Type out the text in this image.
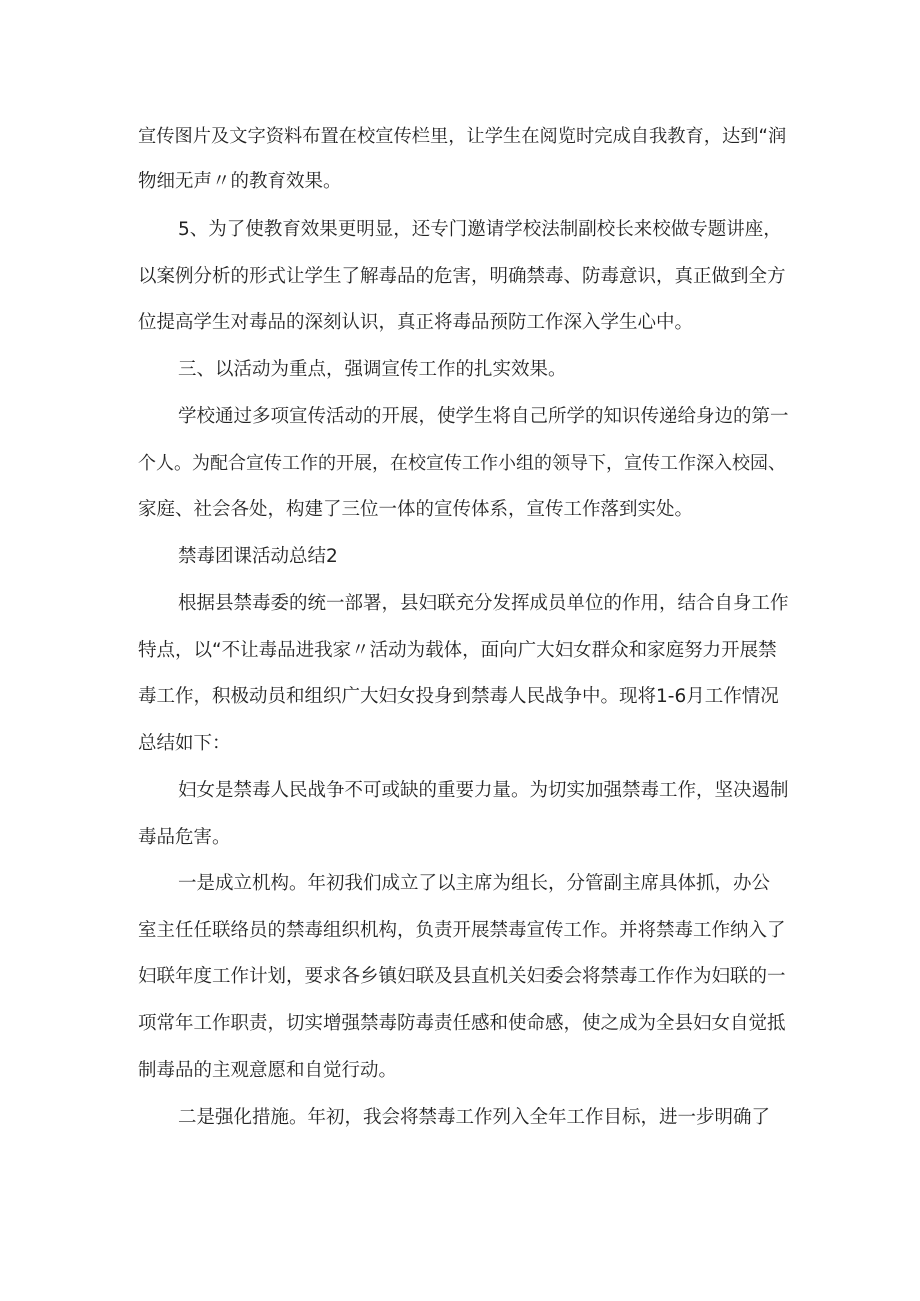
宣传图片及文字资料布置在校宣传栏里，让学生在阅览时完成自我教育，达到“润

物细无声〃的教育效果。

5、为了使教育效果更明显，还专门邀请学校法制副校长来校做专题讲座，

以案例分析的形式让学生了解毒品的危害，明确禁毒、防毒意识，真正做到全方

位提高学生对毒品的深刻认识，真正将毒品预防工作深入学生心中。

三、以活动为重点，强调宣传工作的扎实效果。

学校通过多项宣传活动的开展，使学生将自己所学的知识传递给身边的第一

个人。为配合宣传工作的开展，在校宣传工作小组的领导下，宣传工作深入校园、

家庭、社会各处，构建了三位一体的宣传体系，宣传工作落到实处。

禁毒团课活动总结2

根据县禁毒委的统一部署，县妇联充分发挥成员单位的作用，结合自身工作

特点，以“不让毒品进我家〃活动为载体，面向广大妇女群众和家庭努力开展禁

毒工作，积极动员和组织广大妇女投身到禁毒人民战争中。现将1-6月工作情况

总结如下：

妇女是禁毒人民战争不可或缺的重要力量。为切实加强禁毒工作，坚决遏制

毒品危害。

一是成立机构。年初我们成立了以主席为组长，分管副主席具体抓，办公

室主任任联络员的禁毒组织机构，负责开展禁毒宣传工作。并将禁毒工作纳入了

妇联年度工作计划，要求各乡镇妇联及县直机关妇委会将禁毒工作作为妇联的一

项常年工作职责，切实增强禁毒防毒责任感和使命感，使之成为全县妇女自觉抵

制毒品的主观意愿和自觉行动。

二是强化措施。年初，我会将禁毒工作列入全年工作目标，进一步明确了
